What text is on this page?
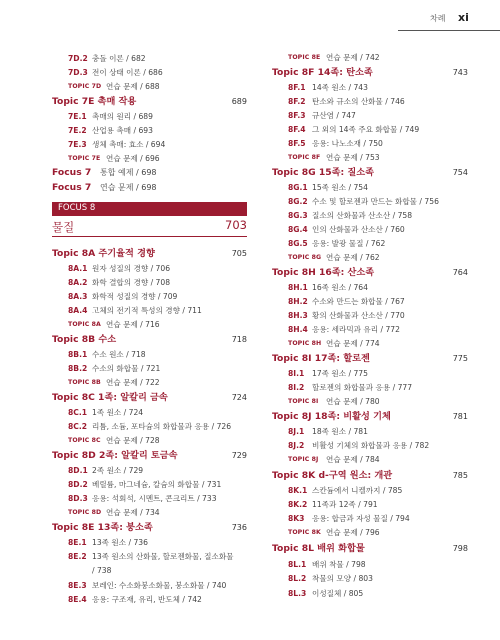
차례 xi
7D.2 충돌 이론 / 682
7D.3 전이 상태 이론 / 686
TOPIC 7D 연습 문제 / 688
Topic 7E 촉매 작용	689
7E.1 촉매의 원리 / 689
7E.2 산업용 촉매 / 693
7E.3 생체 촉매: 효소 / 694
TOPIC 7E 연습 문제 / 696
Focus 7 통합 예제 / 698
Focus 7 연습 문제 / 698
Topic 8A 주기율적 경향	705
8A.1 원자 성질의 경향 / 706
8A.2 화학 결합의 경향 / 708
8A.3 화학적 성질의 경향 / 709
8A.4 고체의 전기적 특성의 경향 / 711
TOPIC 8A 연습 문제 / 716
Topic 8B 수소	718
8B.1 수소 원소 / 718
8B.2 수소의 화합물 / 721
TOPIC 8B 연습 문제 / 722
Topic 8C 1족: 알칼리 금속	724
8C.1 1족 원소 / 724
8C.2 리튬, 소듐, 포타슘의 화합물과 응용 / 726
TOPIC 8C 연습 문제 / 728
Topic 8D 2족: 알칼리 토금속	729
8D.1 2족 원소 / 729
8D.2 베릴륨, 마그네슘, 칼슘의 화합물 / 731
8D.3 응용: 석회석, 시멘트, 콘크리트 / 733
TOPIC 8D 연습 문제 / 734
Topic 8E 13족: 붕소족	736
8E.1 13족 원소 / 736
8E.2 13족 원소의 산화물, 할로젠화물, 질소화물
/ 738
8E.3 보레인: 수소화붕소화물, 붕소화물 / 740
8E.4 응용: 구조재, 유리, 반도체 / 742
FOCUS 8
물질	703
TOPIC 8E 연습 문제 / 742
Topic 8F 14족: 탄소족	743
8F.1 14족 원소 / 743
8F.2 탄소와 규소의 산화물 / 746
8F.3 규산염 / 747
8F.4 그 외의 14족 주요 화합물 / 749
8F.5 응용: 나노소재 / 750
TOPIC 8F 연습 문제 / 753
Topic 8G 15족: 질소족	754
8G.1 15족 원소 / 754
8G.2 수소 및 할로젠과 만드는 화합물 / 756
8G.3 질소의 산화물과 산소산 / 758
8G.4 인의 산화물과 산소산 / 760
8G.5 응용: 발광 물질 / 762
TOPIC 8G 연습 문제 / 762
Topic 8H 16족: 산소족	764
8H.1 16족 원소 / 764
8H.2 수소와 만드는 화합물 / 767
8H.3 황의 산화물과 산소산 / 770
8H.4 응용: 세라믹과 유리 / 772
TOPIC 8H 연습 문제 / 774
Topic 8I 17족: 할로젠	775
8I.1 17족 원소 / 775
8I.2 할로젠의 화합물과 응용 / 777
TOPIC 8I 연습 문제 / 780
Topic 8J 18족: 비활성 기체	781
8J.1 18족 원소 / 781
8J.2 비활성 기체의 화합물과 응용 / 782
TOPIC 8J 연습 문제 / 784
Topic 8K d-구역 원소: 개관	785
8K.1 스칸듐에서 니켈까지 / 785
8K.2 11족과 12족 / 791
8K3 응용: 합금과 자성 물질 / 794
TOPIC 8K 연습 문제 / 796
Topic 8L 배위 화합물	798
8L.1 배위 착물 / 798
8L.2 착물의 모양 / 803
8L.3 이성질체 / 805
